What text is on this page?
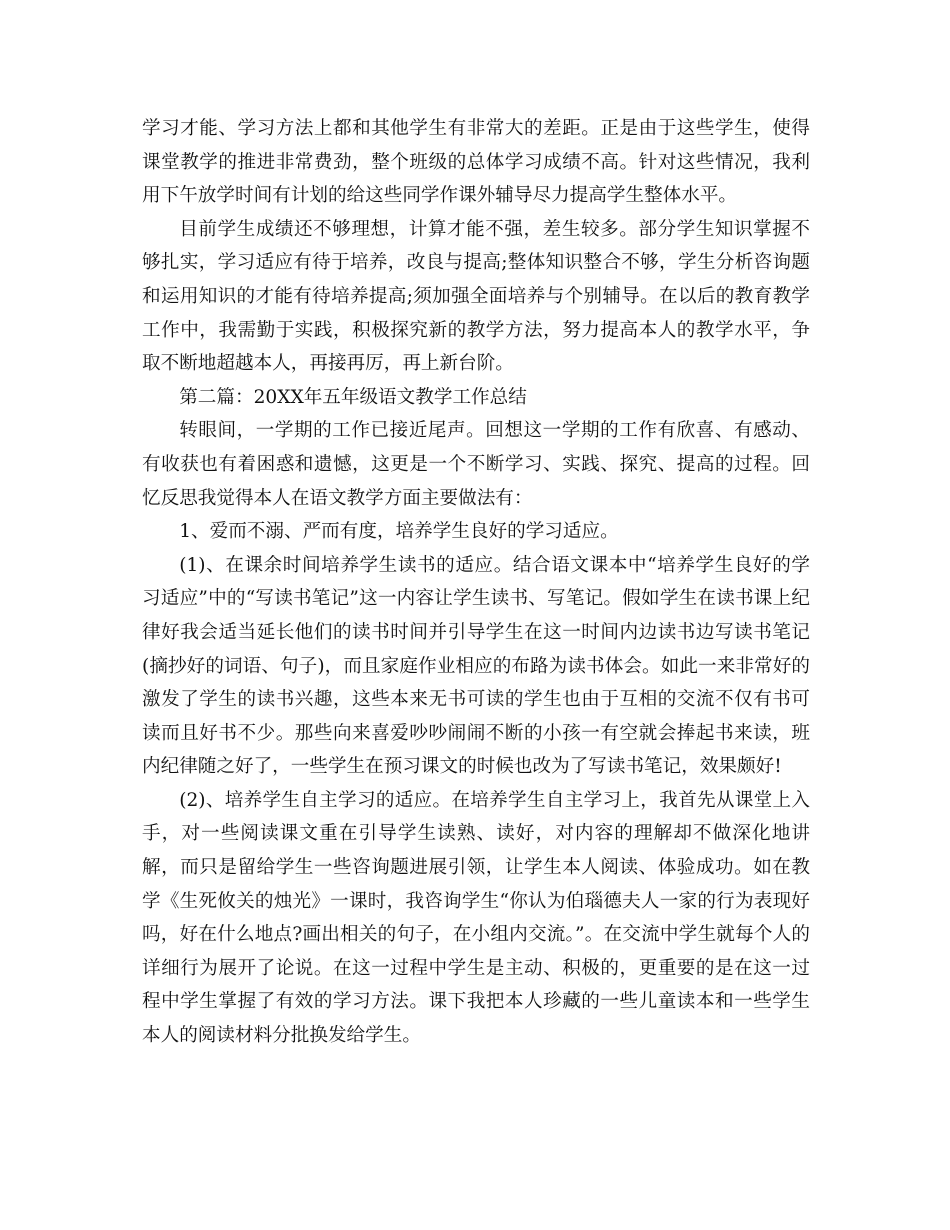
学习才能、学习方法上都和其他学生有非常大的差距。正是由于这些学生，使得课堂教学的推进非常费劲，整个班级的总体学习成绩不高。针对这些情况，我利用下午放学时间有计划的给这些同学作课外辅导尽力提高学生整体水平。

目前学生成绩还不够理想，计算才能不强，差生较多。部分学生知识掌握不够扎实，学习适应有待于培养，改良与提高;整体知识整合不够，学生分析咨询题和运用知识的才能有待培养提高;须加强全面培养与个别辅导。在以后的教育教学工作中，我需勤于实践，积极探究新的教学方法，努力提高本人的教学水平，争取不断地超越本人，再接再厉，再上新台阶。

第二篇：20XX年五年级语文教学工作总结

转眼间，一学期的工作已接近尾声。回想这一学期的工作有欣喜、有感动、有收获也有着困惑和遗憾，这更是一个不断学习、实践、探究、提高的过程。回忆反思我觉得本人在语文教学方面主要做法有：

1、爱而不溺、严而有度，培养学生良好的学习适应。

(1)、在课余时间培养学生读书的适应。结合语文课本中“培养学生良好的学习适应”中的“写读书笔记”这一内容让学生读书、写笔记。假如学生在读书课上纪律好我会适当延长他们的读书时间并引导学生在这一时间内边读书边写读书笔记(摘抄好的词语、句子)，而且家庭作业相应的布路为读书体会。如此一来非常好的激发了学生的读书兴趣，这些本来无书可读的学生也由于互相的交流不仅有书可读而且好书不少。那些向来喜爱吵吵闹闹不断的小孩一有空就会捧起书来读，班内纪律随之好了，一些学生在预习课文的时候也改为了写读书笔记，效果颇好!

(2)、培养学生自主学习的适应。在培养学生自主学习上，我首先从课堂上入手，对一些阅读课文重在引导学生读熟、读好，对内容的理解却不做深化地讲解，而只是留给学生一些咨询题进展引领，让学生本人阅读、体验成功。如在教学《生死攸关的烛光》一课时，我咨询学生“你认为伯瑙德夫人一家的行为表现好吗，好在什么地点?画出相关的句子，在小组内交流。”。在交流中学生就每个人的详细行为展开了论说。在这一过程中学生是主动、积极的，更重要的是在这一过程中学生掌握了有效的学习方法。课下我把本人珍藏的一些儿童读本和一些学生本人的阅读材料分批换发给学生。
